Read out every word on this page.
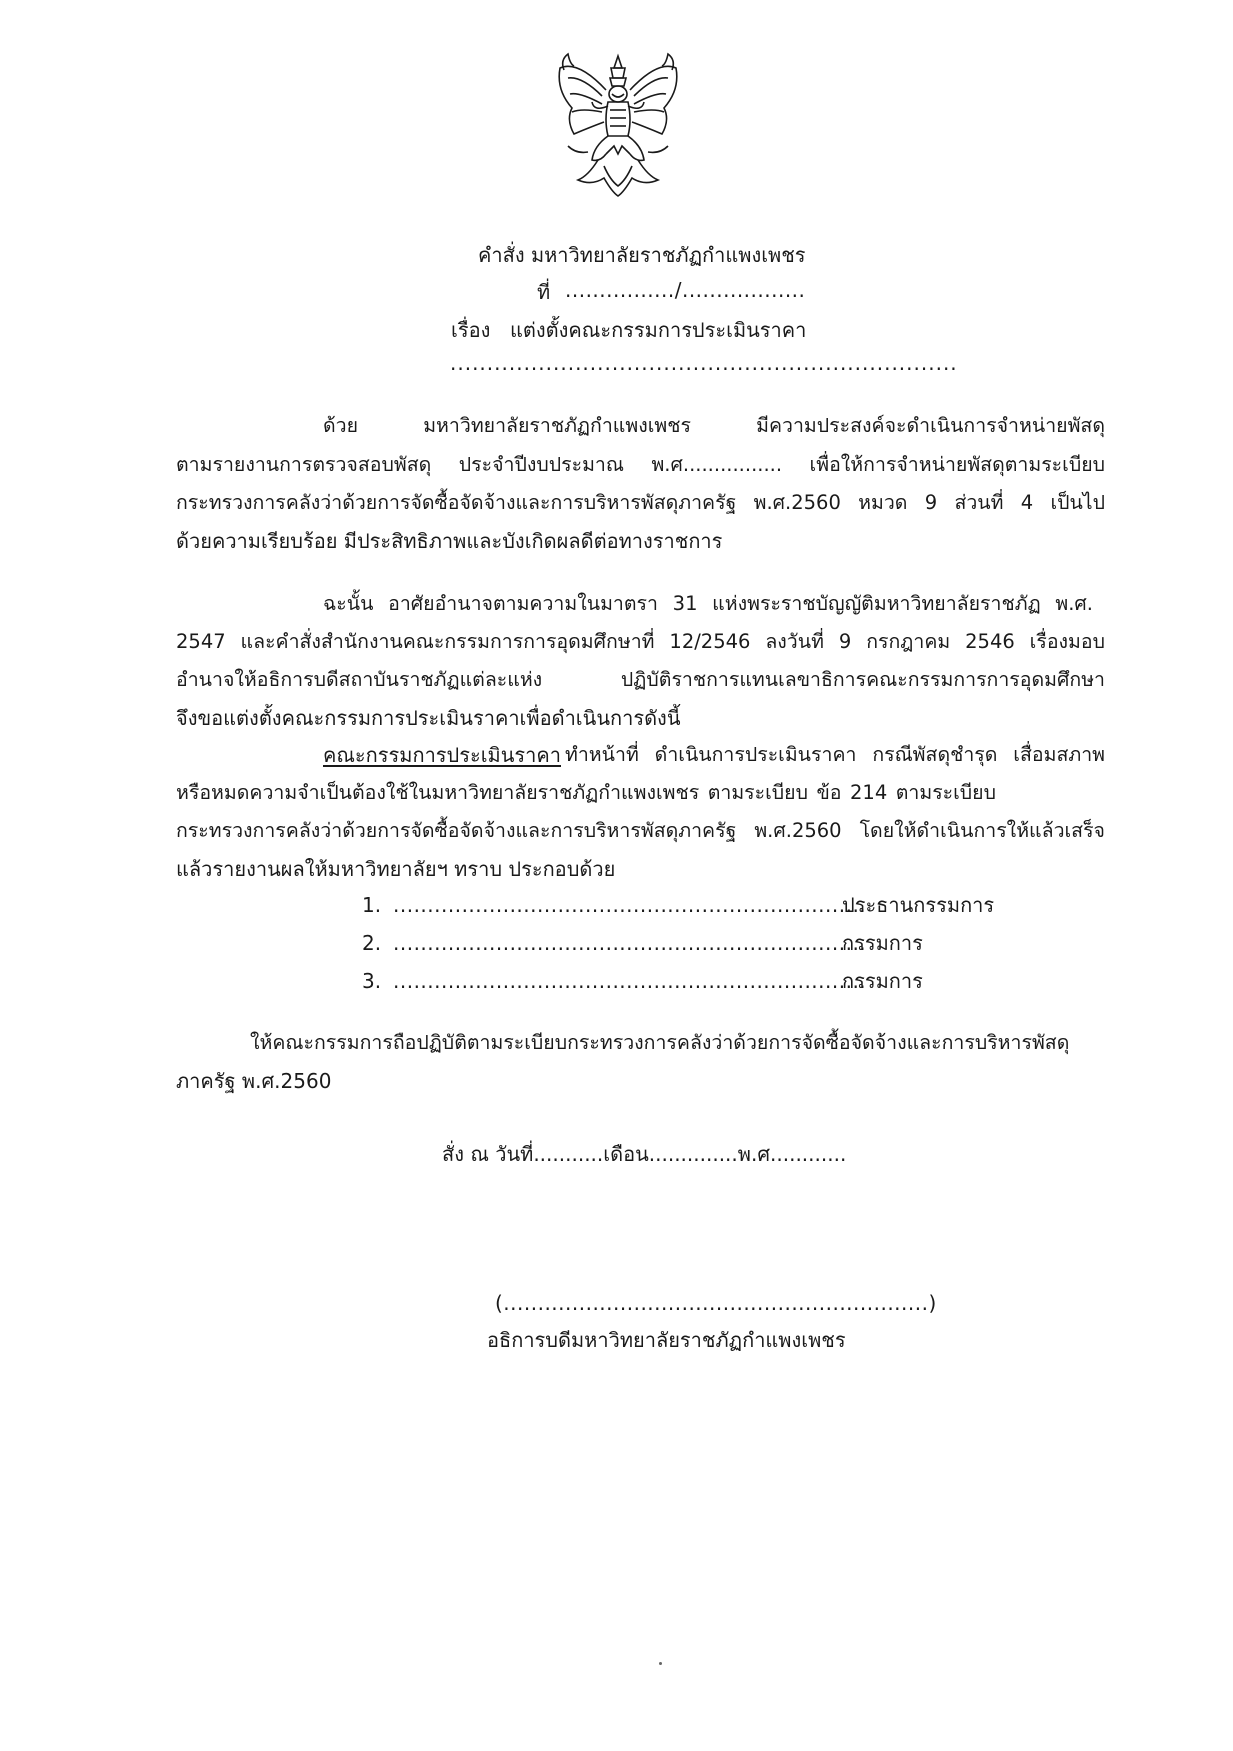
คำสั่ง มหาวิทยาลัยราชภัฏกำแพงเพชร
ที่ ................/..................
เรื่อง แต่งตั้งคณะกรรมการประเมินราคา
.....................................................................
ด้วย มหาวิทยาลัยราชภัฏกำแพงเพชร มีความประสงค์จะดำเนินการจำหน่ายพัสดุ
ตามรายงานการตรวจสอบพัสดุ ประจำปีงบประมาณ พ.ศ................ เพื่อให้การจำหน่ายพัสดุตามระเบียบ
กระทรวงการคลังว่าด้วยการจัดซื้อจัดจ้างและการบริหารพัสดุภาครัฐ พ.ศ.2560 หมวด 9 ส่วนที่ 4 เป็นไป
ด้วยความเรียบร้อย มีประสิทธิภาพและบังเกิดผลดีต่อทางราชการ
ฉะนั้น อาศัยอำนาจตามความในมาตรา 31 แห่งพระราชบัญญัติมหาวิทยาลัยราชภัฏ พ.ศ.
2547 และคำสั่งสำนักงานคณะกรรมการการอุดมศึกษาที่ 12/2546 ลงวันที่ 9 กรกฎาคม 2546 เรื่องมอบ
อำนาจให้อธิการบดีสถาบันราชภัฏแต่ละแห่ง ปฏิบัติราชการแทนเลขาธิการคณะกรรมการการอุดมศึกษา
จึงขอแต่งตั้งคณะกรรมการประเมินราคาเพื่อดำเนินการดังนี้
คณะกรรมการประเมินราคา ทำหน้าที่ ดำเนินการประเมินราคา กรณีพัสดุชำรุด เสื่อมสภาพ
หรือหมดความจำเป็นต้องใช้ในมหาวิทยาลัยราชภัฏกำแพงเพชร ตามระเบียบ ข้อ 214 ตามระเบียบ
กระทรวงการคลังว่าด้วยการจัดซื้อจัดจ้างและการบริหารพัสดุภาครัฐ พ.ศ.2560 โดยให้ดำเนินการให้แล้วเสร็จ
แล้วรายงานผลให้มหาวิทยาลัยฯ ทราบ ประกอบด้วย
1. .....................................................................
ประธานกรรมการ
2. .....................................................................
กรรมการ
3. .....................................................................
กรรมการ
ให้คณะกรรมการถือปฏิบัติตามระเบียบกระทรวงการคลังว่าด้วยการจัดซื้อจัดจ้างและการบริหารพัสดุ
ภาครัฐ พ.ศ.2560
สั่ง ณ วันที่...........เดือน..............พ.ศ............
(..............................................................)
อธิการบดีมหาวิทยาลัยราชภัฏกำแพงเพชร
